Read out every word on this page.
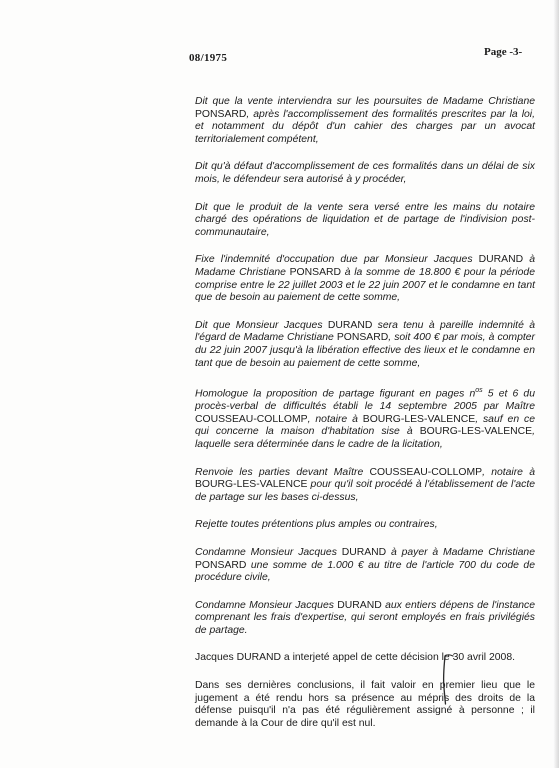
08/1975	Page -3-

Dit que la vente interviendra sur les poursuites de Madame Christiane PONSARD, après l'accomplissement des formalités prescrites par la loi, et notamment du dépôt d'un cahier des charges par un avocat territorialement compétent,

Dit qu'à défaut d'accomplissement de ces formalités dans un délai de six mois, le défendeur sera autorisé à y procéder,

Dit que le produit de la vente sera versé entre les mains du notaire chargé des opérations de liquidation et de partage de l'indivision post-communautaire,

Fixe l'indemnité d'occupation due par Monsieur Jacques DURAND à Madame Christiane PONSARD à la somme de 18.800 € pour la période comprise entre le 22 juillet 2003 et le 22 juin 2007 et le condamne en tant que de besoin au paiement de cette somme,

Dit que Monsieur Jacques DURAND sera tenu à pareille indemnité à l'égard de Madame Christiane PONSARD, soit 400 € par mois, à compter du 22 juin 2007 jusqu'à la libération effective des lieux et le condamne en tant que de besoin au paiement de cette somme,

Homologue la proposition de partage figurant en pages $n^{os}$ 5 et 6 du procès-verbal de difficultés établi le 14 septembre 2005 par Maître COUSSEAU-COLLOMP, notaire à BOURG-LES-VALENCE, sauf en ce qui concerne la maison d'habitation sise à BOURG-LES-VALENCE, laquelle sera déterminée dans le cadre de la licitation,

Renvoie les parties devant Maître COUSSEAU-COLLOMP, notaire à BOURG-LES-VALENCE pour qu'il soit procédé à l'établissement de l'acte de partage sur les bases ci-dessus,

Rejette toutes prétentions plus amples ou contraires,

Condamne Monsieur Jacques DURAND à payer à Madame Christiane PONSARD une somme de 1.000 € au titre de l'article 700 du code de procédure civile,

Condamne Monsieur Jacques DURAND aux entiers dépens de l'instance comprenant les frais d'expertise, qui seront employés en frais privilégiés de partage.

Jacques DURAND a interjeté appel de cette décision le 30 avril 2008.

Dans ses dernières conclusions, il fait valoir en premier lieu que le jugement a été rendu hors sa présence au mépris des droits de la défense puisqu'il n'a pas été régulièrement assigné à personne ; il demande à la Cour de dire qu'il est nul.
